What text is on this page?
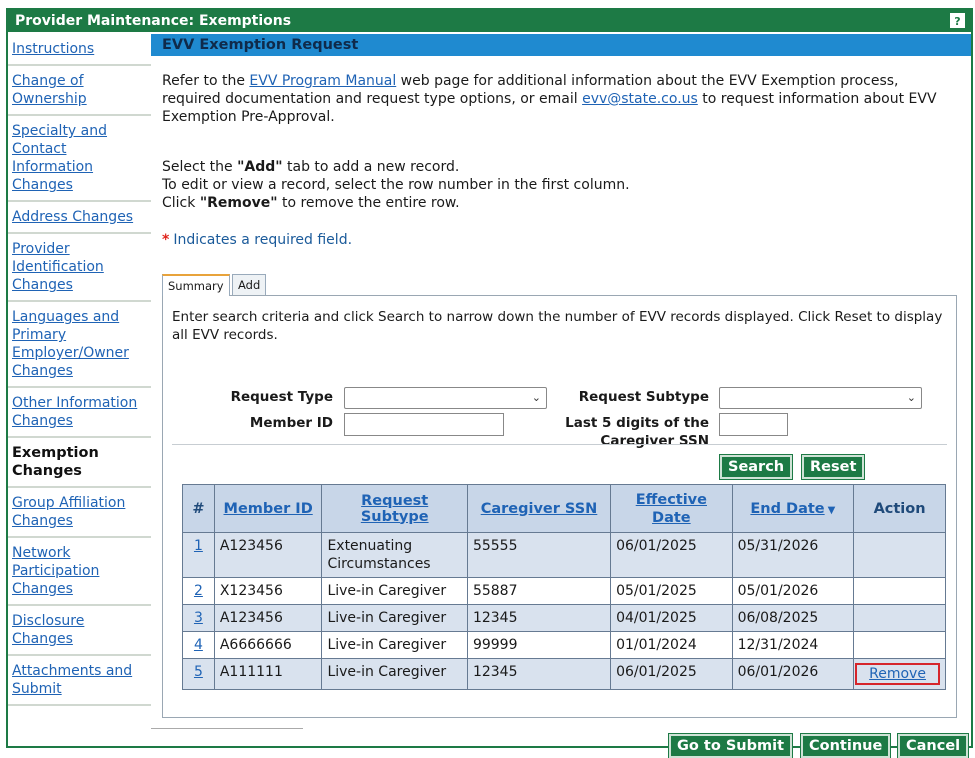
Provider Maintenance: Exemptions	?
Instructions
Change of Ownership
Specialty and Contact Information Changes
Address Changes
Provider Identification Changes
Languages and Primary Employer/Owner Changes
Other Information Changes
Exemption Changes
Group Affiliation Changes
Network Participation Changes
Disclosure Changes
Attachments and Submit
EVV Exemption Request
Refer to the EVV Program Manual web page for additional information about the EVV Exemption process, required documentation and request type options, or email evv@state.co.us to request information about EVV Exemption Pre-Approval.
Select the "Add" tab to add a new record.
To edit or view a record, select the row number in the first column.
Click "Remove" to remove the entire row.
* Indicates a required field.
Summary	Add
Enter search criteria and click Search to narrow down the number of EVV records displayed. Click Reset to display all EVV records.
Request Type	⌄	Request Subtype	⌄
Member ID	Last 5 digits of the
Caregiver SSN
Search	Reset
#	Member ID	Request Subtype	Caregiver SSN	Effective
Date	End Date ▼	Action
1	A123456	Extenuating
Circumstances	55555	06/01/2025	05/31/2026	
2	X123456	Live-in Caregiver	55887	05/01/2025	05/01/2026	
3	A123456	Live-in Caregiver	12345	04/01/2025	06/08/2025	
4	A6666666	Live-in Caregiver	99999	01/01/2024	12/31/2024	
5	A111111	Live-in Caregiver	12345	06/01/2025	06/01/2026	Remove
Go to Submit	Continue	Cancel
